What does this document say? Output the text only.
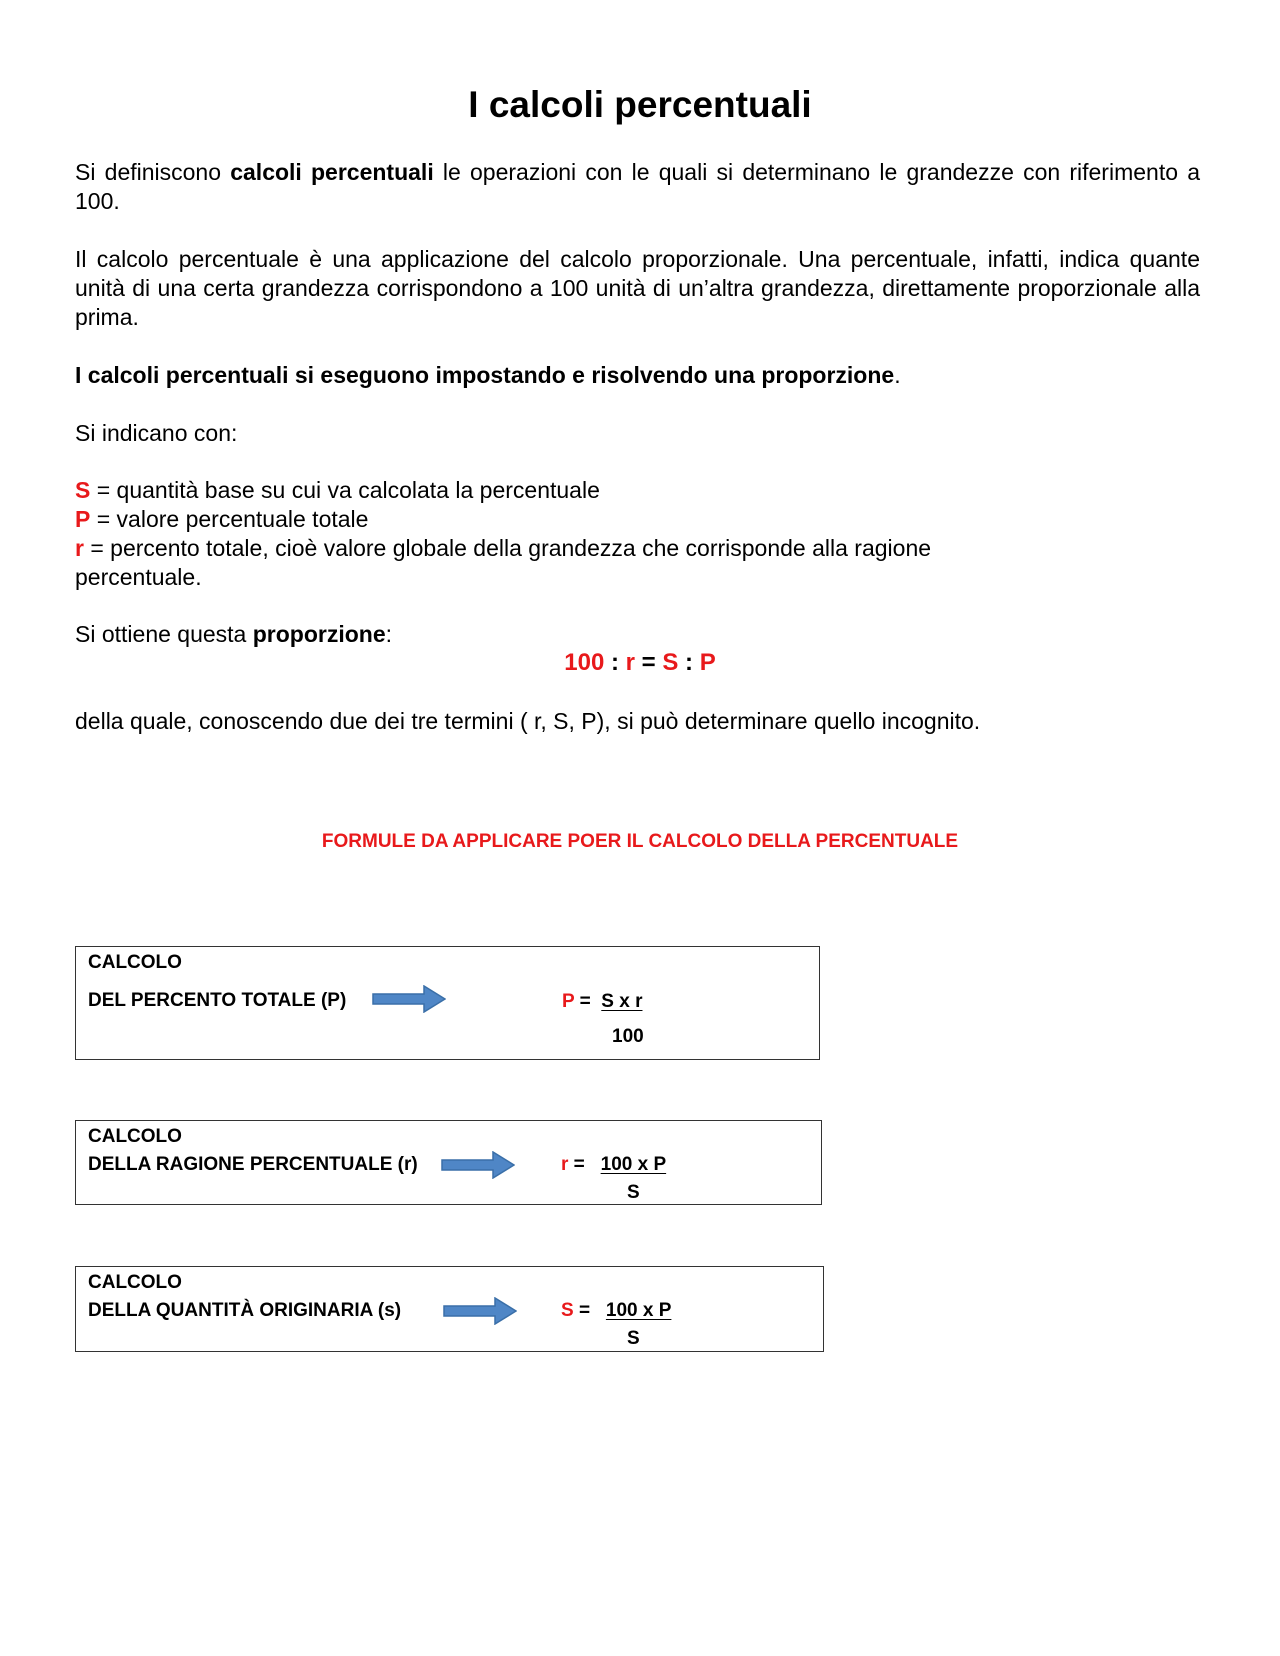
I calcoli percentuali

Si definiscono calcoli percentuali le operazioni con le quali si determinano le grandezze con riferimento a 100.

Il calcolo percentuale è una applicazione del calcolo proporzionale. Una percentuale, infatti, indica quante unità di una certa grandezza corrispondono a 100 unità di un’altra grandezza, direttamente proporzionale alla prima.

I calcoli percentuali si eseguono impostando e risolvendo una proporzione.

Si indicano con:

S = quantità base su cui va calcolata la percentuale
P = valore percentuale totale
r = percento totale, cioè valore globale della grandezza che corrisponde alla ragione percentuale.

Si ottiene questa proporzione:

100 : r = S : P

della quale, conoscendo due dei tre termini ( r, S, P), si può determinare quello incognito.

FORMULE DA APPLICARE POER IL CALCOLO DELLA PERCENTUALE
CALCOLO
DEL PERCENTO TOTALE (P)	P =  S x r
100
CALCOLO
DELLA RAGIONE PERCENTUALE (r)	r =   100 x P
S
CALCOLO
DELLA QUANTITÀ ORIGINARIA (s)	S =   100 x P
S
